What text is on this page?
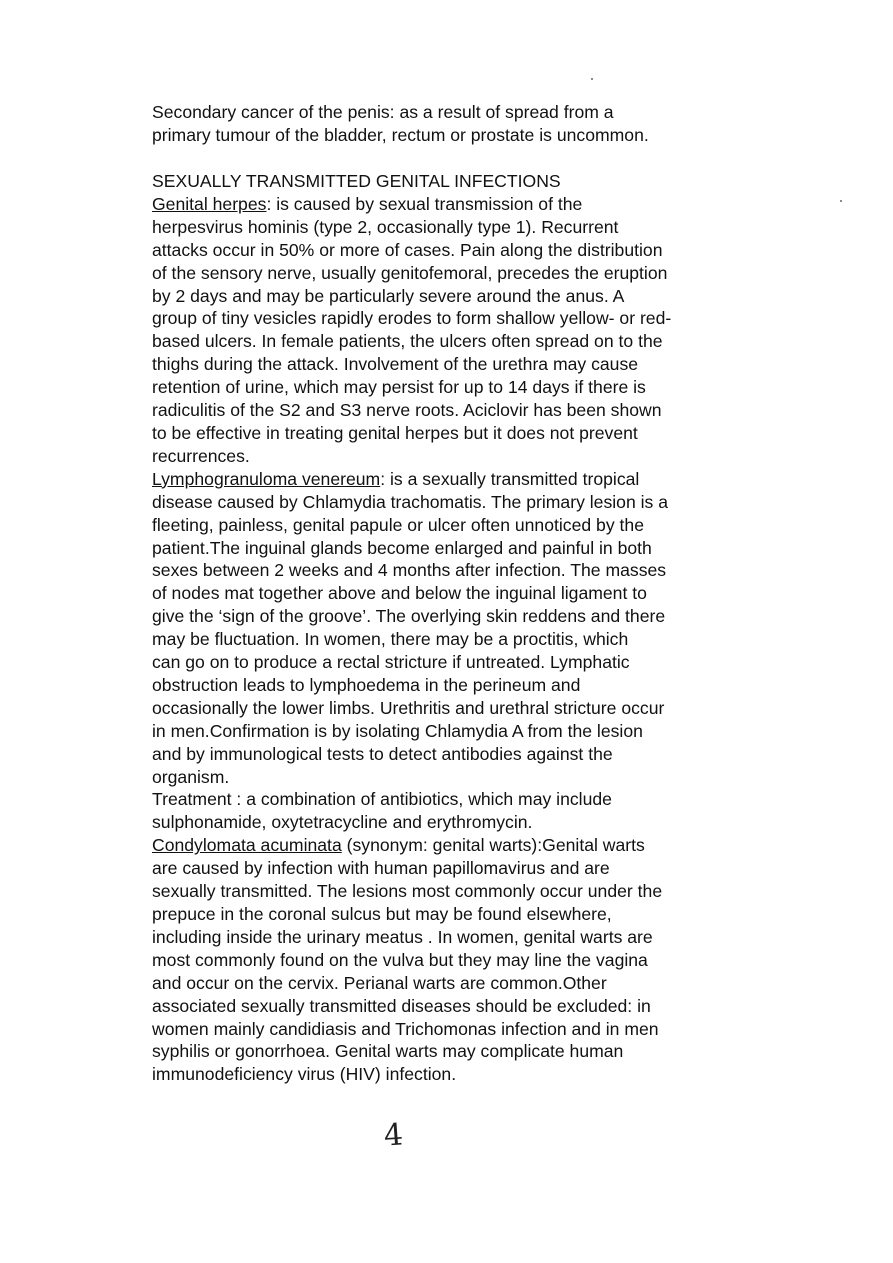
Secondary cancer of the penis: as a result of spread from a

primary tumour of the bladder, rectum or prostate is uncommon.

SEXUALLY TRANSMITTED GENITAL INFECTIONS

Genital herpes: is caused by sexual transmission of the

herpesvirus hominis (type 2, occasionally type 1). Recurrent

attacks occur in 50% or more of cases. Pain along the distribution

of the sensory nerve, usually genitofemoral, precedes the eruption

by 2 days and may be particularly severe around the anus. A

group of tiny vesicles rapidly erodes to form shallow yellow- or red-

based ulcers. In female patients, the ulcers often spread on to the

thighs during the attack. Involvement of the urethra may cause

retention of urine, which may persist for up to 14 days if there is

radiculitis of the S2 and S3 nerve roots. Aciclovir has been shown

to be effective in treating genital herpes but it does not prevent

recurrences.

Lymphogranuloma venereum: is a sexually transmitted tropical

disease caused by Chlamydia trachomatis. The primary lesion is a

fleeting, painless, genital papule or ulcer often unnoticed by the

patient.The inguinal glands become enlarged and painful in both

sexes between 2 weeks and 4 months after infection. The masses

of nodes mat together above and below the inguinal ligament to

give the ‘sign of the groove’. The overlying skin reddens and there

may be fluctuation. In women, there may be a proctitis, which

can go on to produce a rectal stricture if untreated. Lymphatic

obstruction leads to lymphoedema in the perineum and

occasionally the lower limbs. Urethritis and urethral stricture occur

in men.Confirmation is by isolating Chlamydia A from the lesion

and by immunological tests to detect antibodies against the

organism.

Treatment : a combination of antibiotics, which may include

sulphonamide, oxytetracycline and erythromycin.

Condylomata acuminata (synonym: genital warts):Genital warts

are caused by infection with human papillomavirus and are

sexually transmitted. The lesions most commonly occur under the

prepuce in the coronal sulcus but may be found elsewhere,

including inside the urinary meatus . In women, genital warts are

most commonly found on the vulva but they may line the vagina

and occur on the cervix. Perianal warts are common.Other

associated sexually transmitted diseases should be excluded: in

women mainly candidiasis and Trichomonas infection and in men

syphilis or gonorrhoea. Genital warts may complicate human

immunodeficiency virus (HIV) infection.

4
